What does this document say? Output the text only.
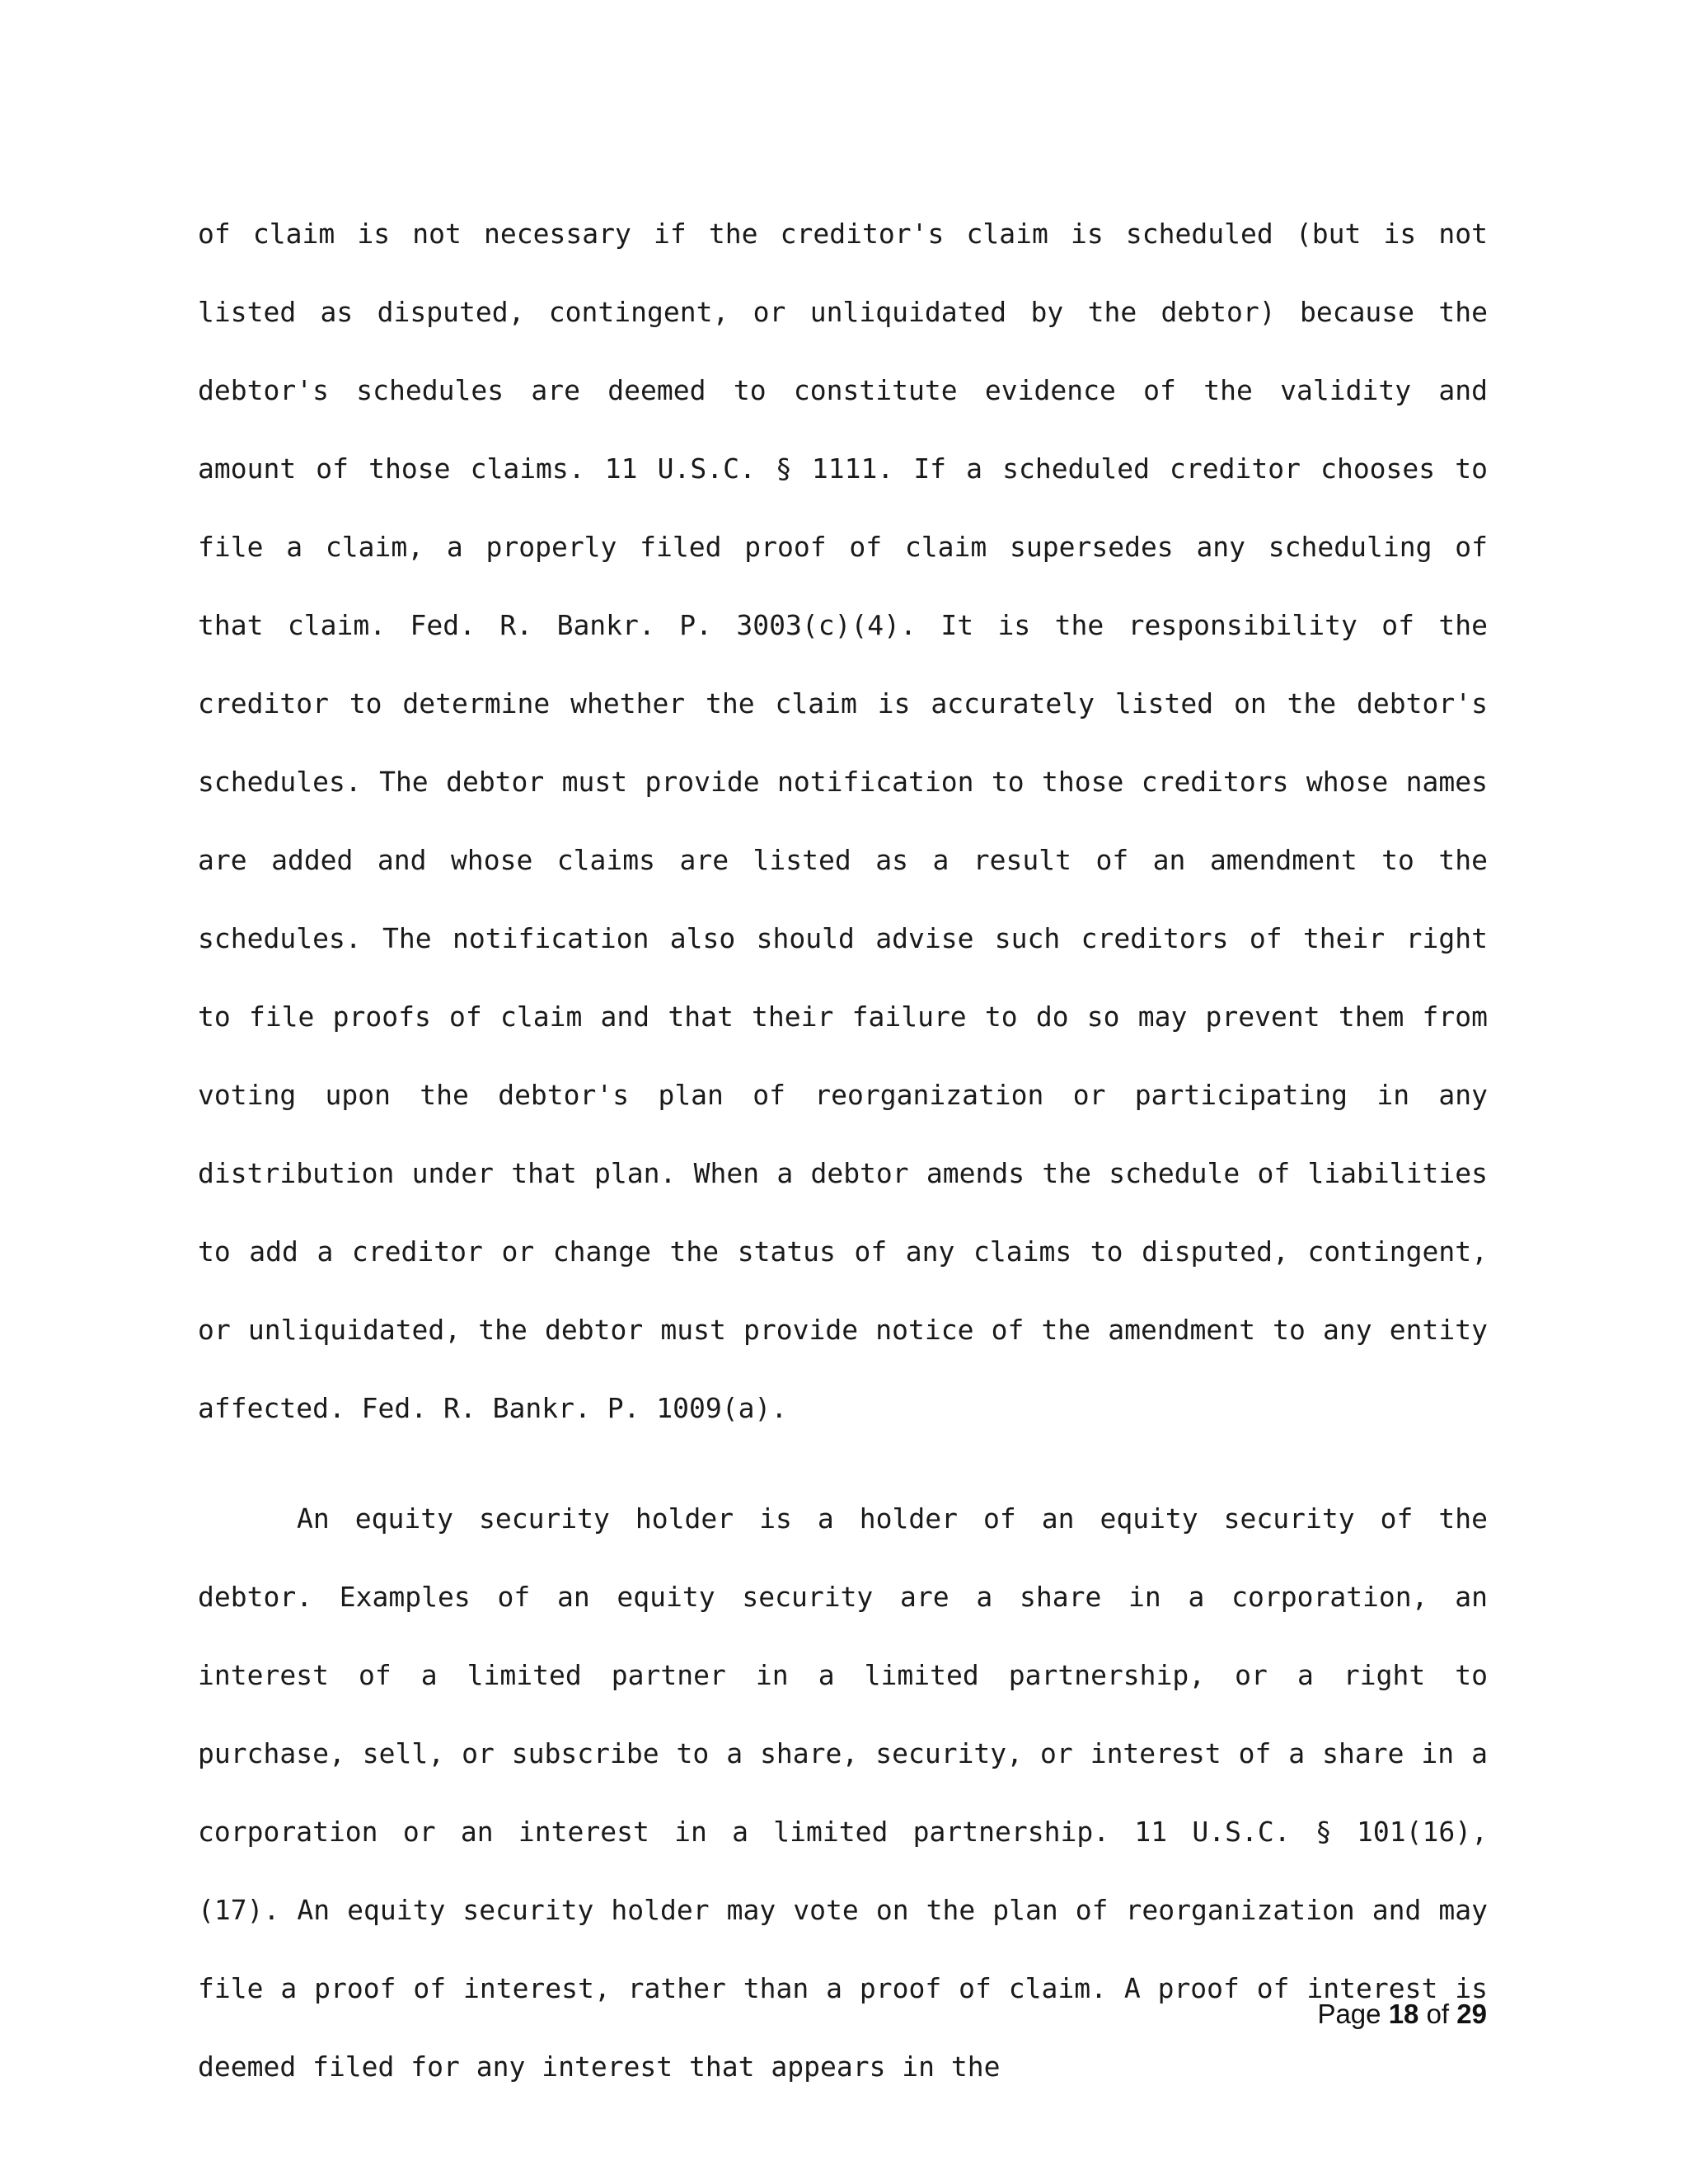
of claim is not necessary if the creditor's claim is scheduled (but is not listed as disputed, contingent, or unliquidated by the debtor) because the debtor's schedules are deemed to constitute evidence of the validity and amount of those claims. 11 U.S.C. § 1111. If a scheduled creditor chooses to file a claim, a properly filed proof of claim supersedes any scheduling of that claim. Fed. R. Bankr. P. 3003(c)(4). It is the responsibility of the creditor to determine whether the claim is accurately listed on the debtor's schedules. The debtor must provide notification to those creditors whose names are added and whose claims are listed as a result of an amendment to the schedules. The notification also should advise such creditors of their right to file proofs of claim and that their failure to do so may prevent them from voting upon the debtor's plan of reorganization or participating in any distribution under that plan. When a debtor amends the schedule of liabilities to add a creditor or change the status of any claims to disputed, contingent, or unliquidated, the debtor must provide notice of the amendment to any entity affected. Fed. R. Bankr. P. 1009(a).

An equity security holder is a holder of an equity security of the debtor. Examples of an equity security are a share in a corporation, an interest of a limited partner in a limited partnership, or a right to purchase, sell, or subscribe to a share, security, or interest of a share in a corporation or an interest in a limited partnership. 11 U.S.C. § 101(16), (17). An equity security holder may vote on the plan of reorganization and may file a proof of interest, rather than a proof of claim. A proof of interest is deemed filed for any interest that appears in the

Page 18 of 29
